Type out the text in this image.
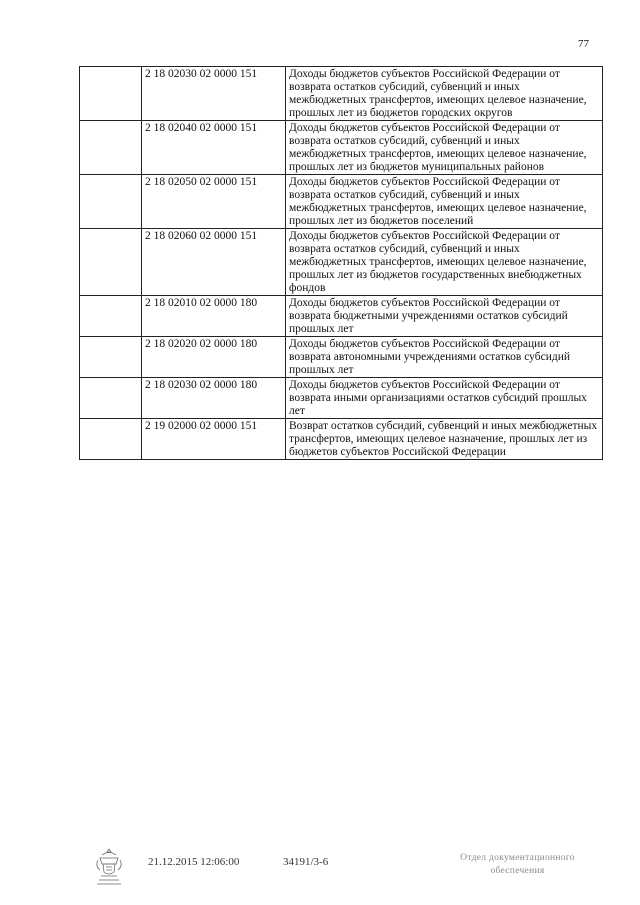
77
	2 18 02030 02 0000 151	Доходы бюджетов субъектов Российской Федерации от возврата остатков субсидий, субвенций и иных межбюджетных трансфертов, имеющих целевое назначение, прошлых лет из бюджетов городских округов
	2 18 02040 02 0000 151	Доходы бюджетов субъектов Российской Федерации от возврата остатков субсидий, субвенций и иных межбюджетных трансфертов, имеющих целевое назначение, прошлых лет из бюджетов муниципальных районов
	2 18 02050 02 0000 151	Доходы бюджетов субъектов Российской Федерации от возврата остатков субсидий, субвенций и иных межбюджетных трансфертов, имеющих целевое назначение, прошлых лет из бюджетов поселений
	2 18 02060 02 0000 151	Доходы бюджетов субъектов Российской Федерации от возврата остатков субсидий, субвенций и иных межбюджетных трансфертов, имеющих целевое назначение, прошлых лет из бюджетов государственных внебюджетных фондов
	2 18 02010 02 0000 180	Доходы бюджетов субъектов Российской Федерации от возврата бюджетными учреждениями остатков субсидий прошлых лет
	2 18 02020 02 0000 180	Доходы бюджетов субъектов Российской Федерации от возврата автономными учреждениями остатков субсидий прошлых лет
	2 18 02030 02 0000 180	Доходы бюджетов субъектов Российской Федерации от возврата иными организациями остатков субсидий прошлых лет
	2 19 02000 02 0000 151	Возврат остатков субсидий, субвенций и иных межбюджетных трансфертов, имеющих целевое назначение, прошлых лет из бюджетов субъектов Российской Федерации
21.12.2015 12:06:00	34191/3-6	Отдел документационного
обеспечения
